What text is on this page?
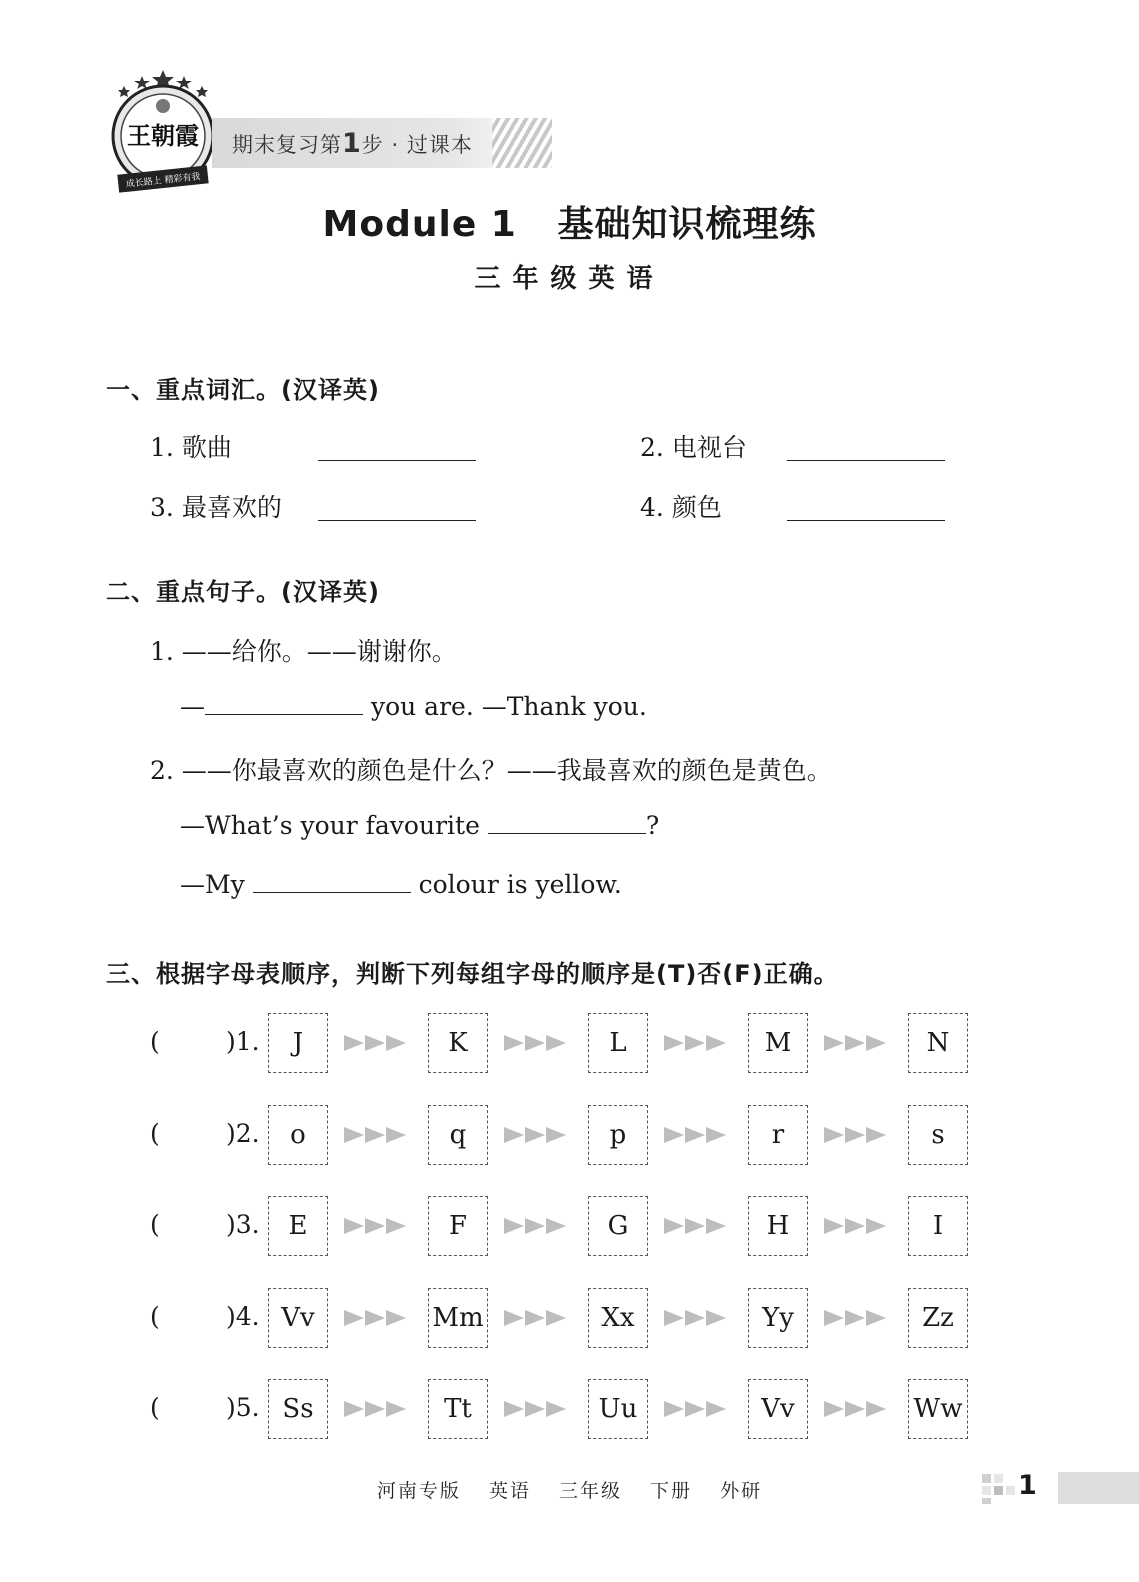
王朝霞
成长路上 精彩有我
期末复习第1步 · 过课本
Module 1   基础知识梳理练
三年级英语
一、重点词汇。(汉译英)
1. 歌曲	2. 电视台
3. 最喜欢的	4. 颜色
二、重点句子。(汉译英)
1. ——给你。——谢谢你。
—	you are. —Thank you.
2. ——你最喜欢的颜色是什么？——我最喜欢的颜色是黄色。
—What’s your favourite	?
—My	colour is yellow.
三、根据字母表顺序，判断下列每组字母的顺序是(T)否(F)正确。
(	)1.	J	K	L	M	N
(	)2.	o	q	p	r	s
(	)3.	E	F	G	H	I
(	)4. Vv	Mm	Xx	Yy	Zz
(	)5. Ss	Tt	Uu	Vv	Ww
河南专版 英语 三年级 下册 外研	1
